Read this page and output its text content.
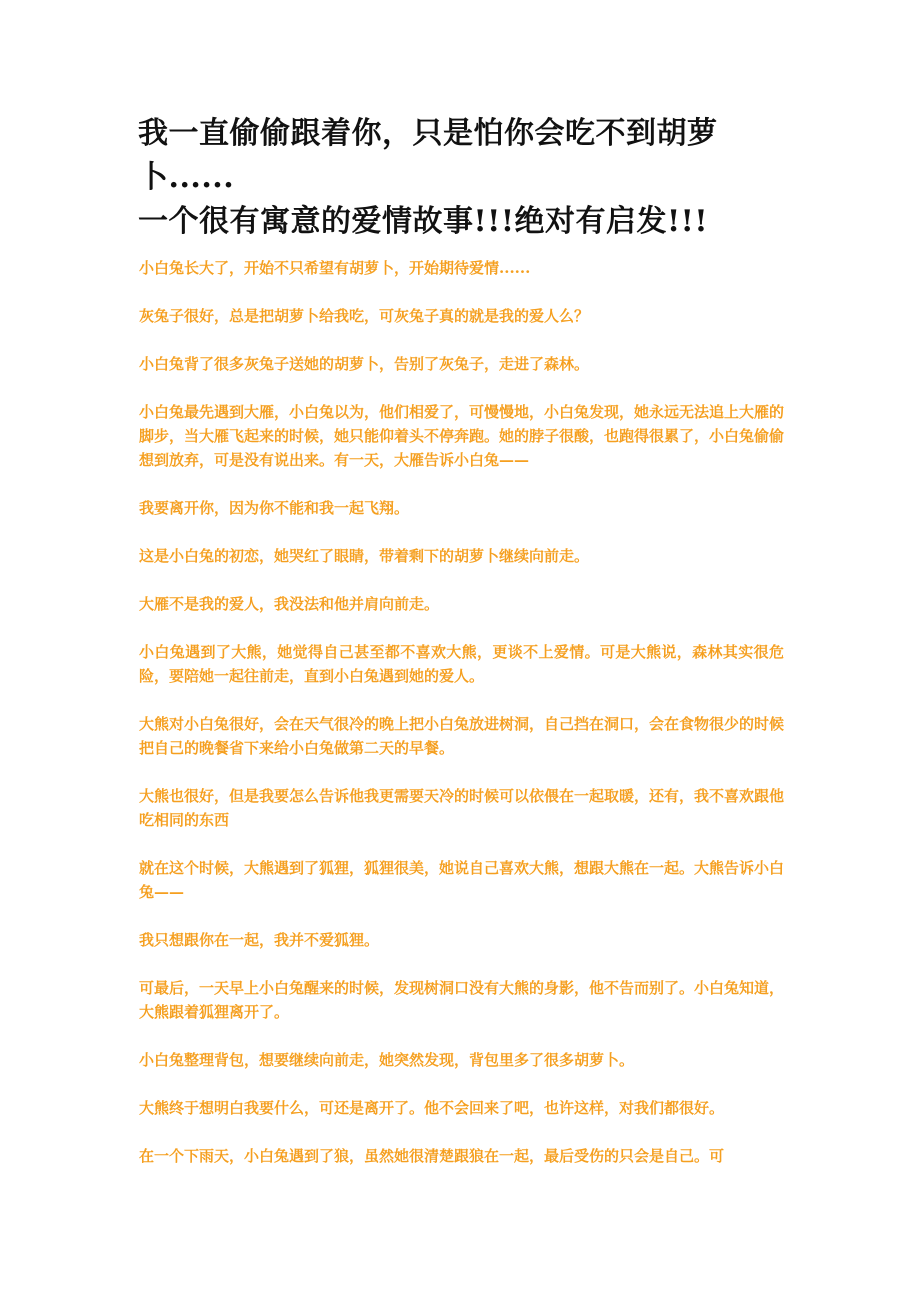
我一直偷偷跟着你，只是怕你会吃不到胡萝卜......
一个很有寓意的爱情故事!!!绝对有启发!!!

小白兔长大了，开始不只希望有胡萝卜，开始期待爱情......

灰兔子很好，总是把胡萝卜给我吃，可灰兔子真的就是我的爱人么？

小白兔背了很多灰兔子送她的胡萝卜，告别了灰兔子，走进了森林。

小白兔最先遇到大雁，小白兔以为，他们相爱了，可慢慢地，小白兔发现，她永远无法追上大雁的脚步，当大雁飞起来的时候，她只能仰着头不停奔跑。她的脖子很酸，也跑得很累了，小白兔偷偷想到放弃，可是没有说出来。有一天，大雁告诉小白兔——

我要离开你，因为你不能和我一起飞翔。

这是小白兔的初恋，她哭红了眼睛，带着剩下的胡萝卜继续向前走。

大雁不是我的爱人，我没法和他并肩向前走。

小白兔遇到了大熊，她觉得自己甚至都不喜欢大熊，更谈不上爱情。可是大熊说，森林其实很危险，要陪她一起往前走，直到小白兔遇到她的爱人。

大熊对小白兔很好，会在天气很冷的晚上把小白兔放进树洞，自己挡在洞口，会在食物很少的时候把自己的晚餐省下来给小白兔做第二天的早餐。

大熊也很好，但是我要怎么告诉他我更需要天冷的时候可以依偎在一起取暖，还有，我不喜欢跟他吃相同的东西

就在这个时候，大熊遇到了狐狸，狐狸很美，她说自己喜欢大熊，想跟大熊在一起。大熊告诉小白兔——

我只想跟你在一起，我并不爱狐狸。

可最后，一天早上小白兔醒来的时候，发现树洞口没有大熊的身影，他不告而别了。小白兔知道，大熊跟着狐狸离开了。

小白兔整理背包，想要继续向前走，她突然发现，背包里多了很多胡萝卜。

大熊终于想明白我要什么，可还是离开了。他不会回来了吧，也许这样，对我们都很好。

在一个下雨天，小白兔遇到了狼，虽然她很清楚跟狼在一起，最后受伤的只会是自己。可
